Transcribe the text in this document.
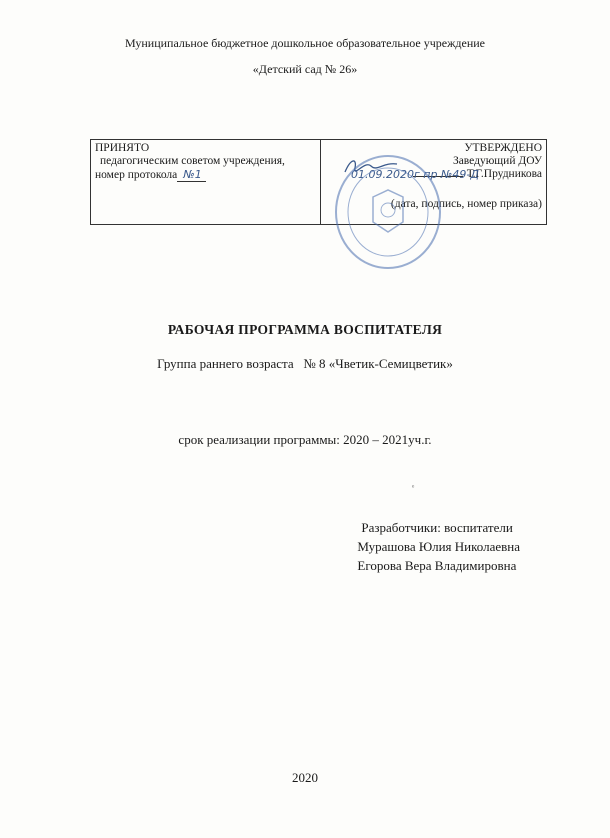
Муниципальное бюджетное дошкольное образовательное учреждение
«Детский сад № 26»
ПРИНЯТО
педагогическим советом учреждения,
номер протокола №1
УТВЕРЖДЕНО
Заведующий ДОУ
Т.Г.Прудникова
01.09.2020г пр №49-Д
(дата, подпись, номер приказа)
РАБОЧАЯ ПРОГРАММА ВОСПИТАТЕЛЯ
Группа раннего возраста   № 8 «Чветик-Семицветик»
срок реализации программы: 2020 – 2021уч.г.
ᵉ
Разработчики: воспитатели
Мурашова Юлия Николаевна
Егорова Вера Владимировна
2020
